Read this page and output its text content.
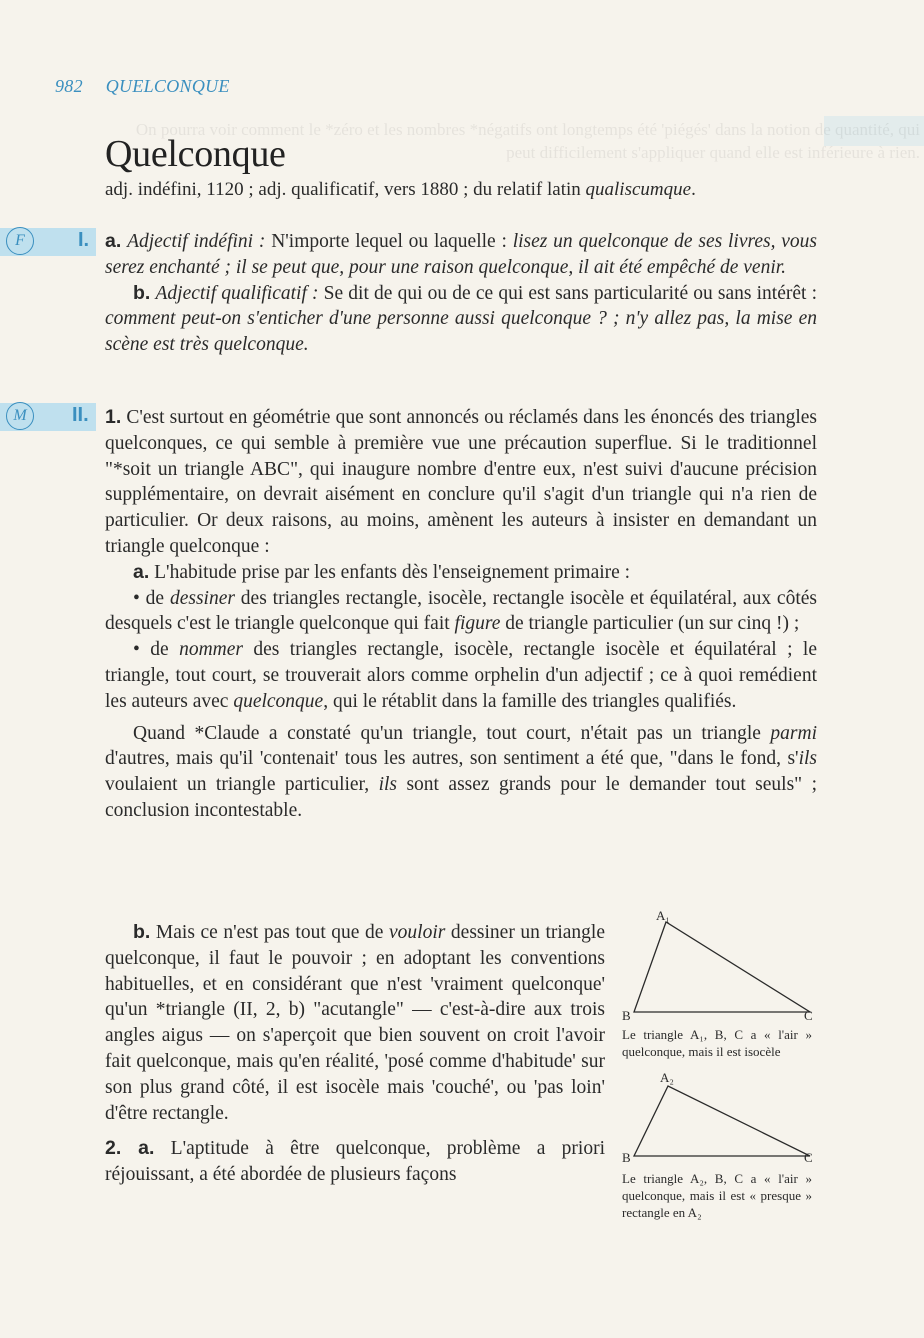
On pourra voir comment le *zéro et les nombres *négatifs ont longtemps été 'piégés' dans la notion de quantité, qui peut difficilement s'appliquer quand elle est inférieure à rien.
982 QUELCONQUE
Quelconque
adj. indéfini, 1120 ; adj. qualificatif, vers 1880 ; du relatif latin qualiscumque.
F	I. a. Adjectif indéfini : N'importe lequel ou laquelle : lisez un quelconque de ses livres, vous serez enchanté ; il se peut que, pour une raison quelconque, il ait été empêché de venir.

b. Adjectif qualificatif : Se dit de qui ou de ce qui est sans particularité ou sans intérêt : comment peut-on s'enticher d'une personne aussi quelconque ? ; n'y allez pas, la mise en scène est très quelconque.

M	II. 1. C'est surtout en géométrie que sont annoncés ou réclamés dans les énoncés des triangles quelconques, ce qui semble à première vue une précaution superflue. Si le traditionnel "*soit un triangle ABC", qui inaugure nombre d'entre eux, n'est suivi d'aucune précision supplémentaire, on devrait aisément en conclure qu'il s'agit d'un triangle qui n'a rien de particulier. Or deux raisons, au moins, amènent les auteurs à insister en demandant un triangle quelconque :

a. L'habitude prise par les enfants dès l'enseignement primaire :

• de dessiner des triangles rectangle, isocèle, rectangle isocèle et équilatéral, aux côtés desquels c'est le triangle quelconque qui fait figure de triangle particulier (un sur cinq !) ;

• de nommer des triangles rectangle, isocèle, rectangle isocèle et équilatéral ; le triangle, tout court, se trouverait alors comme orphelin d'un adjectif ; ce à quoi remédient les auteurs avec quelconque, qui le rétablit dans la famille des triangles qualifiés.

Quand *Claude a constaté qu'un triangle, tout court, n'était pas un triangle parmi d'autres, mais qu'il 'contenait' tous les autres, son sentiment a été que, "dans le fond, s'ils voulaient un triangle particulier, ils sont assez grands pour le demander tout seuls" ; conclusion incontestable.

b. Mais ce n'est pas tout que de vouloir dessiner un triangle quelconque, il faut le pouvoir ; en adoptant les conventions habituelles, et en considérant que n'est 'vraiment quelconque' qu'un *triangle (II, 2, b) "acutangle" — c'est-à-dire aux trois angles aigus — on s'aperçoit que bien souvent on croit l'avoir fait quelconque, mais qu'en réalité, 'posé comme d'habitude' sur son plus grand côté, il est isocèle mais 'couché', ou 'pas loin' d'être rectangle.

2. a. L'aptitude à être quelconque, problème a priori réjouissant, a été abordée de plusieurs façons

A₁
B	C
Le triangle A₁, B, C a « l'air » quelconque, mais il est isocèle
A₂
B	C
Le triangle A₂, B, C a « l'air » quelconque, mais il est « presque » rectangle en A₂
